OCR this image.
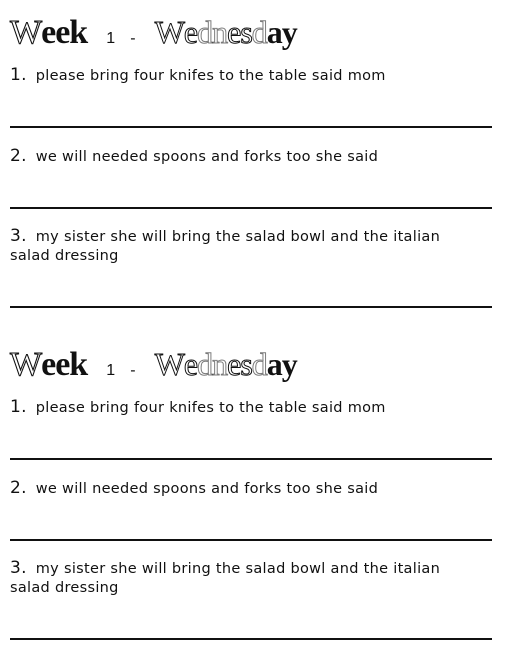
Week 1 - Wednesday
1. please bring four knifes to the table said mom
2. we will needed spoons and forks too she said
3. my sister she will bring the salad bowl and the italian salad dressing
Week 1 - Wednesday
1. please bring four knifes to the table said mom
2. we will needed spoons and forks too she said
3. my sister she will bring the salad bowl and the italian salad dressing
